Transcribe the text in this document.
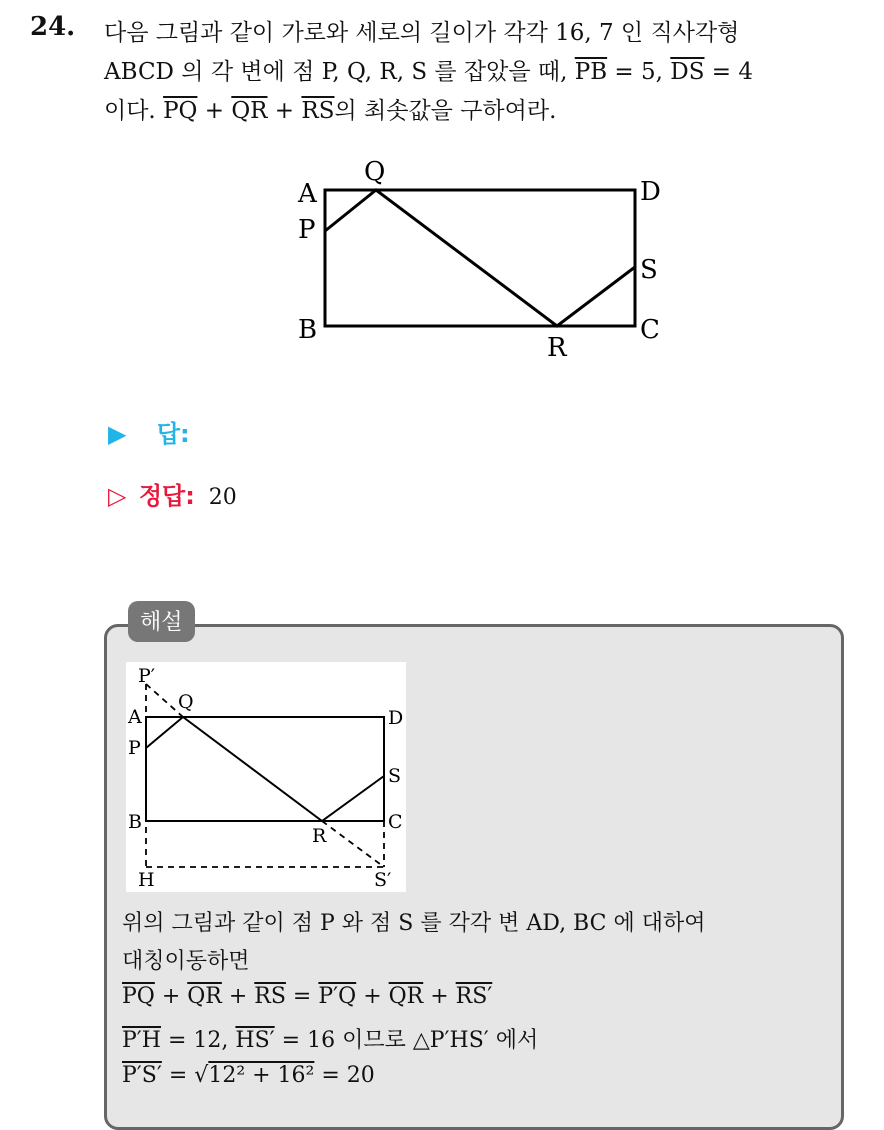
24. 다음 그림과 같이 가로와 세로의 길이가 각각 16, 7 인 직사각형
ABCD 의 각 변에 점 P, Q, R, S 를 잡았을 때, $\overline{PB} = 5$, $\overline{DS} = 4$
이다. $\overline{PQ} + \overline{QR} + \overline{RS}$의 최솟값을 구하여라.
A
P
Q
D
S
B	C
R
▶ 답:
▷ 정답: 20
해설
P′
A
P
Q
D
S
B
R
C
H	S′
위의 그림과 같이 점 P 와 점 S 를 각각 변 AD, BC 에 대하여
대칭이동하면
$\overline{PQ} + \overline{QR} + \overline{RS} = P'Q + \overline{QR} + RS'$
P′H = 12, HS′ = 16 이므로 △P′HS′ 에서
P′S′ = √12² + 16² = 20
